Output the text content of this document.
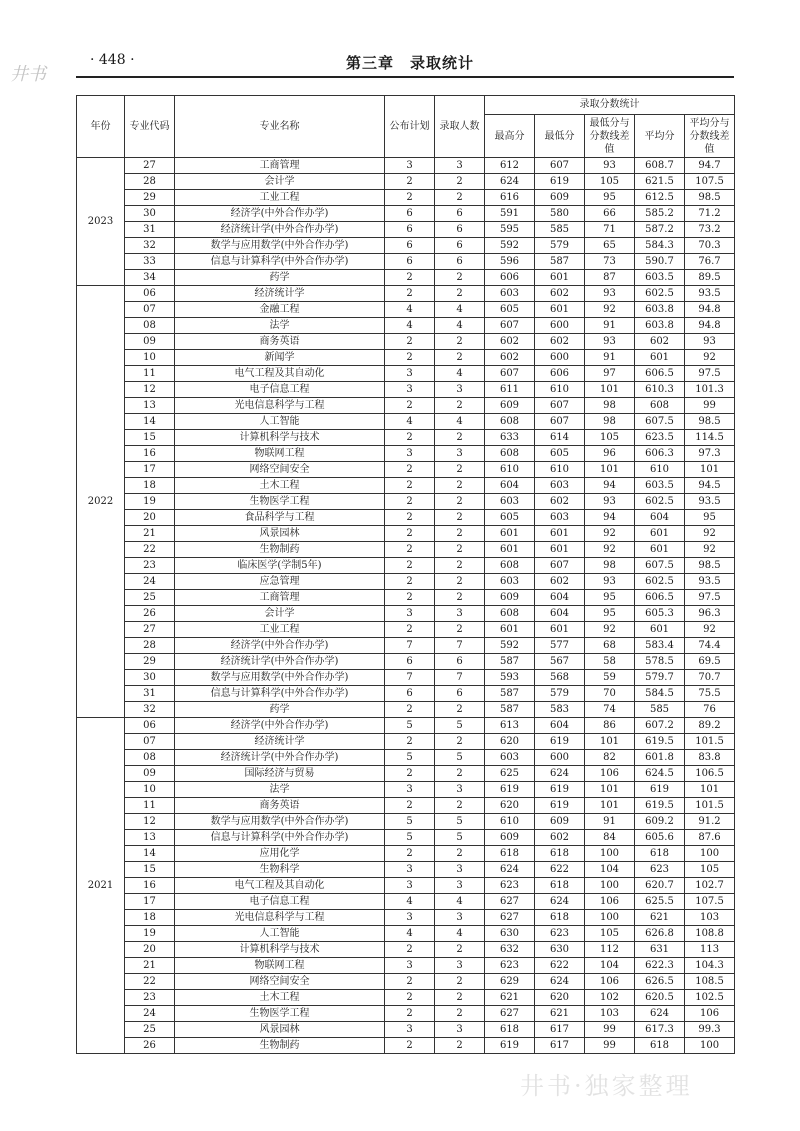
· 448 ·	第三章　录取统计
井书
井书·独家整理
年份	专业代码	专业名称	公布计划	录取人数	录取分数统计				
					最高分	最低分	最低分与分数线差值	平均分	平均分与分数线差值
2023	27	工商管理	3	3	612	607	93	608.7	94.7
	28	会计学	2	2	624	619	105	621.5	107.5
	29	工业工程	2	2	616	609	95	612.5	98.5
	30	经济学(中外合作办学)	6	6	591	580	66	585.2	71.2
	31	经济统计学(中外合作办学)	6	6	595	585	71	587.2	73.2
	32	数学与应用数学(中外合作办学)	6	6	592	579	65	584.3	70.3
	33	信息与计算科学(中外合作办学)	6	6	596	587	73	590.7	76.7
	34	药学	2	2	606	601	87	603.5	89.5
2022	06	经济统计学	2	2	603	602	93	602.5	93.5
	07	金融工程	4	4	605	601	92	603.8	94.8
	08	法学	4	4	607	600	91	603.8	94.8
	09	商务英语	2	2	602	602	93	602	93
	10	新闻学	2	2	602	600	91	601	92
	11	电气工程及其自动化	3	4	607	606	97	606.5	97.5
	12	电子信息工程	3	3	611	610	101	610.3	101.3
	13	光电信息科学与工程	2	2	609	607	98	608	99
	14	人工智能	4	4	608	607	98	607.5	98.5
	15	计算机科学与技术	2	2	633	614	105	623.5	114.5
	16	物联网工程	3	3	608	605	96	606.3	97.3
	17	网络空间安全	2	2	610	610	101	610	101
	18	土木工程	2	2	604	603	94	603.5	94.5
	19	生物医学工程	2	2	603	602	93	602.5	93.5
	20	食品科学与工程	2	2	605	603	94	604	95
	21	风景园林	2	2	601	601	92	601	92
	22	生物制药	2	2	601	601	92	601	92
	23	临床医学(学制5年)	2	2	608	607	98	607.5	98.5
	24	应急管理	2	2	603	602	93	602.5	93.5
	25	工商管理	2	2	609	604	95	606.5	97.5
	26	会计学	3	3	608	604	95	605.3	96.3
	27	工业工程	2	2	601	601	92	601	92
	28	经济学(中外合作办学)	7	7	592	577	68	583.4	74.4
	29	经济统计学(中外合作办学)	6	6	587	567	58	578.5	69.5
	30	数学与应用数学(中外合作办学)	7	7	593	568	59	579.7	70.7
	31	信息与计算科学(中外合作办学)	6	6	587	579	70	584.5	75.5
	32	药学	2	2	587	583	74	585	76
2021	06	经济学(中外合作办学)	5	5	613	604	86	607.2	89.2
	07	经济统计学	2	2	620	619	101	619.5	101.5
	08	经济统计学(中外合作办学)	5	5	603	600	82	601.8	83.8
	09	国际经济与贸易	2	2	625	624	106	624.5	106.5
	10	法学	3	3	619	619	101	619	101
	11	商务英语	2	2	620	619	101	619.5	101.5
	12	数学与应用数学(中外合作办学)	5	5	610	609	91	609.2	91.2
	13	信息与计算科学(中外合作办学)	5	5	609	602	84	605.6	87.6
	14	应用化学	2	2	618	618	100	618	100
	15	生物科学	3	3	624	622	104	623	105
	16	电气工程及其自动化	3	3	623	618	100	620.7	102.7
	17	电子信息工程	4	4	627	624	106	625.5	107.5
	18	光电信息科学与工程	3	3	627	618	100	621	103
	19	人工智能	4	4	630	623	105	626.8	108.8
	20	计算机科学与技术	2	2	632	630	112	631	113
	21	物联网工程	3	3	623	622	104	622.3	104.3
	22	网络空间安全	2	2	629	624	106	626.5	108.5
	23	土木工程	2	2	621	620	102	620.5	102.5
	24	生物医学工程	2	2	627	621	103	624	106
	25	风景园林	3	3	618	617	99	617.3	99.3
	26	生物制药	2	2	619	617	99	618	100
